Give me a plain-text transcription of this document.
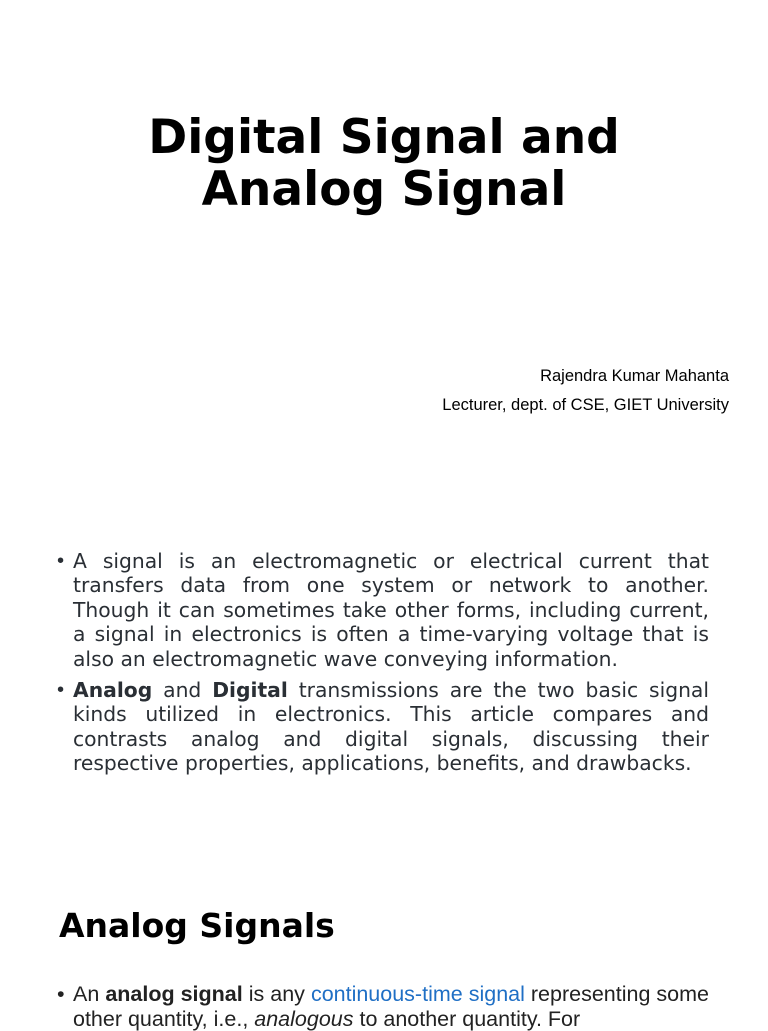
Digital Signal and
Analog Signal
Rajendra Kumar Mahanta
Lecturer, dept. of CSE, GIET University
• A signal is an electromagnetic or electrical current that transfers data from one system or network to another. Though it can sometimes take other forms, including current, a signal in electronics is often a time-varying voltage that is also an electromagnetic wave conveying information.
• Analog and Digital transmissions are the two basic signal kinds utilized in electronics. This article compares and contrasts analog and digital signals, discussing their respective properties, applications, benefits, and drawbacks.
Analog Signals
• An analog signal is any continuous-time signal representing some other quantity, i.e., analogous to another quantity. For
